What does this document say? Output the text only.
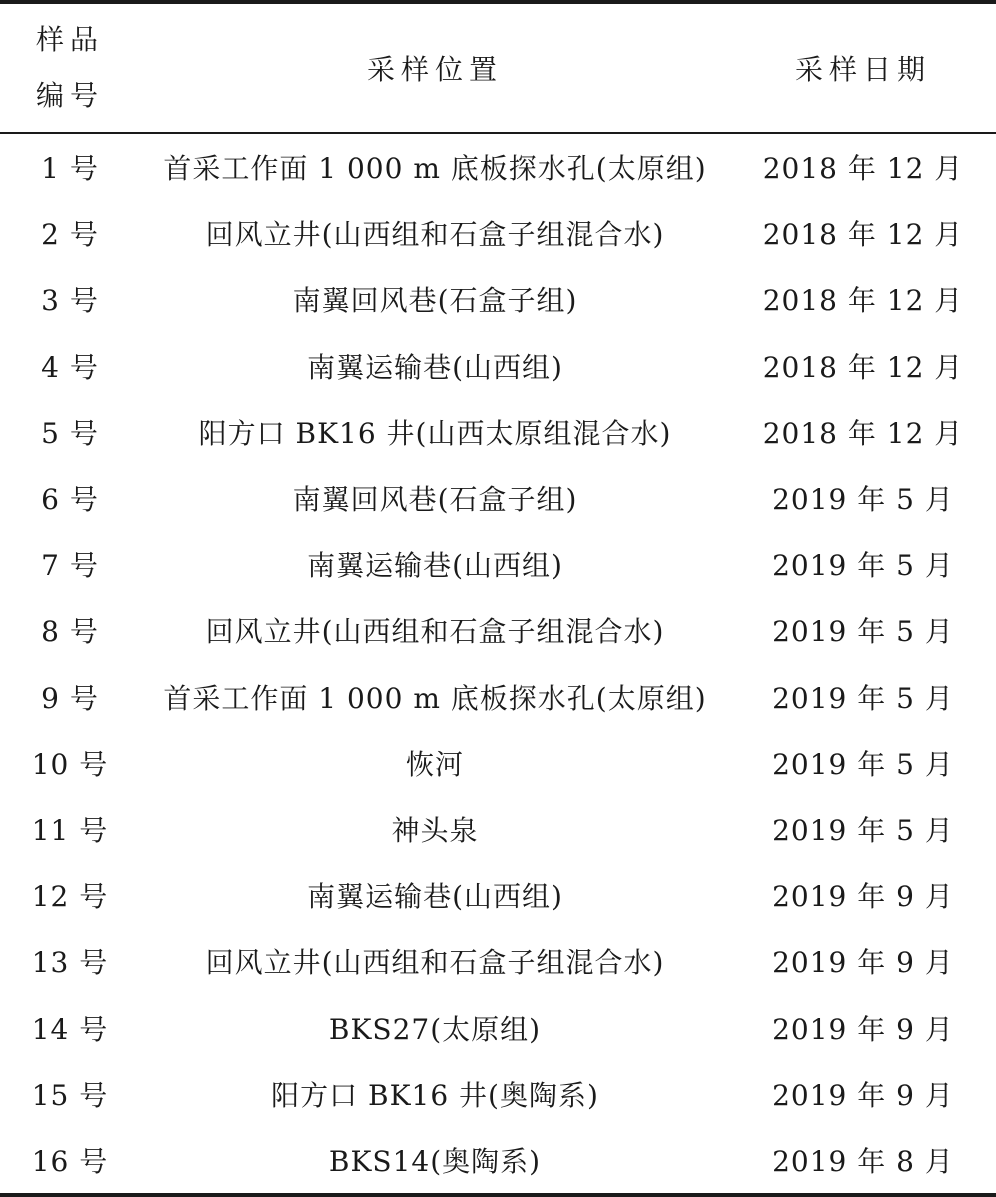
样品
编号
采样位置	采样日期
1 号	首采工作面 1 000 m 底板探水孔(太原组)	2018 年 12 月
2 号	回风立井(山西组和石盒子组混合水)	2018 年 12 月
3 号	南翼回风巷(石盒子组)	2018 年 12 月
4 号	南翼运输巷(山西组)	2018 年 12 月
5 号	阳方口 BK16 井(山西太原组混合水)	2018 年 12 月
6 号	南翼回风巷(石盒子组)	2019 年 5 月
7 号	南翼运输巷(山西组)	2019 年 5 月
8 号	回风立井(山西组和石盒子组混合水)	2019 年 5 月
9 号	首采工作面 1 000 m 底板探水孔(太原组)	2019 年 5 月
10 号	恢河	2019 年 5 月
11 号	神头泉	2019 年 5 月
12 号	南翼运输巷(山西组)	2019 年 9 月
13 号	回风立井(山西组和石盒子组混合水)	2019 年 9 月
14 号	BKS27(太原组)	2019 年 9 月
15 号	阳方口 BK16 井(奥陶系)	2019 年 9 月
16 号	BKS14(奥陶系)	2019 年 8 月
